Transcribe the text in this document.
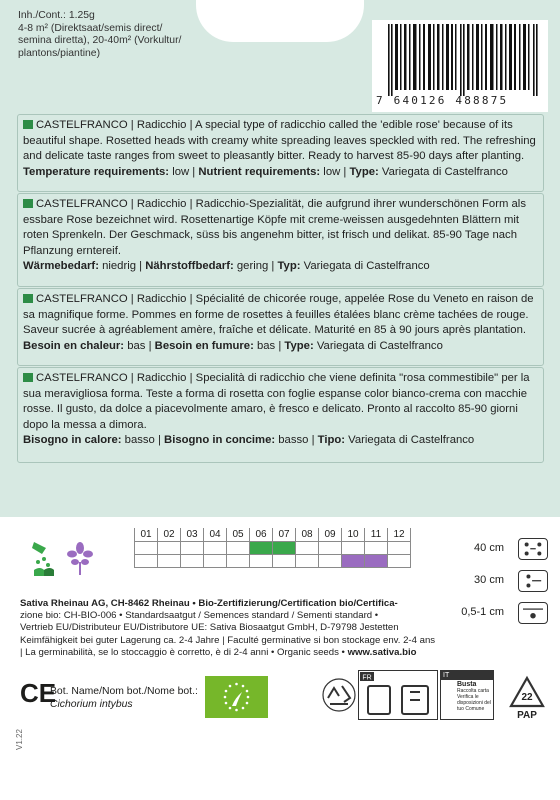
Inh./Cont.: 1.25g
4-8 m² (Direktsaat/semis direct/
semina diretta), 20-40m² (Vorkultur/
plantons/piantine)
7 640126 488875
CASTELFRANCO | Radicchio | A special type of radicchio called the 'edible rose' because of its beautiful shape. Rosetted heads with creamy white spreading leaves speckled with red. The refreshing and delicate taste ranges from sweet to pleasantly bitter. Ready to harvest 85-90 days after planting.
Temperature requirements: low | Nutrient requirements: low | Type: Variegata di Castelfranco
CASTELFRANCO | Radicchio | Radicchio-Spezialität, die aufgrund ihrer wunderschönen Form als essbare Rose bezeichnet wird. Rosettenartige Köpfe mit creme-weissen ausgedehnten Blättern mit roten Sprenkeln. Der Geschmack, süss bis angenehm bitter, ist frisch und delikat. 85-90 Tage nach Pflanzung erntereif.
Wärmebedarf: niedrig | Nährstoffbedarf: gering | Typ: Variegata di Castelfranco
CASTELFRANCO | Radicchio | Spécialité de chicorée rouge, appelée Rose du Veneto en raison de sa magnifique forme. Pommes en forme de rosettes à feuilles étalées blanc crème tachées de rouge. Saveur sucrée à agréablement amère, fraîche et délicate. Maturité en 85 à 90 jours après plantation.
Besoin en chaleur: bas | Besoin en fumure: bas | Type: Variegata di Castelfranco
CASTELFRANCO | Radicchio | Specialità di radicchio che viene definita "rosa commestibile" per la sua meravigliosa forma. Teste a forma di rosetta con foglie espanse color bianco-crema con macchie rosse. Il gusto, da dolce a piacevolmente amaro, è fresco e delicato. Pronto al raccolto 85-90 giorni dopo la messa a dimora.
Bisogno in calore: basso | Bisogno in concime: basso | Tipo: Variegata di Castelfranco
01	02	03	04	05	06	07	08	09	10	11	12

40 cm
30 cm
0,5-1 cm
Sativa Rheinau AG, CH-8462 Rheinau • Bio-Zertifizierung/Certification bio/Certifica-
zione bio: CH-BIO-006 • Standardsaatgut / Semences standard / Sementi standard •
Vertrieb EU/Distributeur EU/Distributore UE: Sativa Biosaatgut GmbH, D-79798 Jestetten
Keimfähigkeit bei guter Lagerung ca. 2-4 Jahre | Faculté germinative si bon stockage env. 2-4 ans
| La germinabilità, se lo stoccaggio è corretto, è di 2-4 anni • Organic seeds • www.sativa.bio
CE
V1.22
Bot. Name/Nom bot./Nome bot.:
Cichorium intybus
FR	IT
Busta
Raccolta carta
Verifica le disposizioni del tuo Comune
22
PAP
